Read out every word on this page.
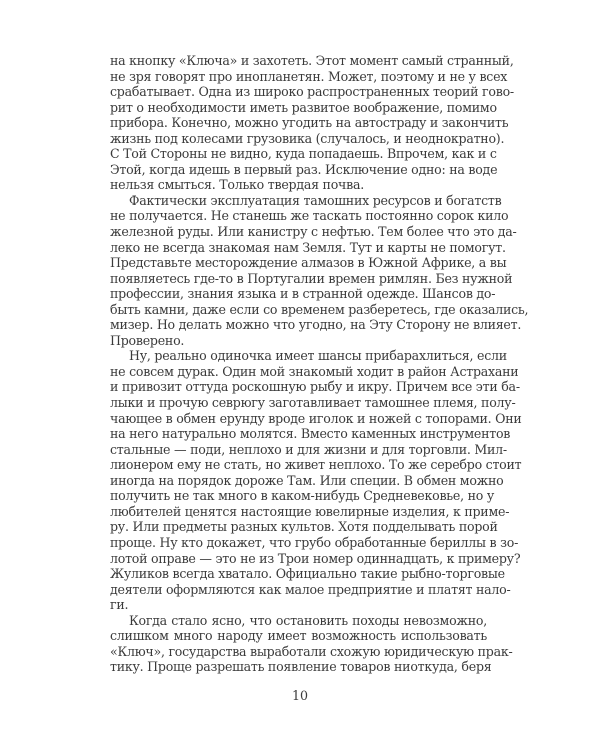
на кнопку «Ключа» и захотеть. Этот момент самый странный,
не зря говорят про инопланетян. Может, поэтому и не у всех
срабатывает. Одна из широко распространенных теорий гово-
рит о необходимости иметь развитое воображение, помимо
прибора. Конечно, можно угодить на автостраду и закончить
жизнь под колесами грузовика (случалось, и неоднократно).
С Той Стороны не видно, куда попадаешь. Впрочем, как и с
Этой, когда идешь в первый раз. Исключение одно: на воде
нельзя смыться. Только твердая почва.
Фактически эксплуатация тамошних ресурсов и богатств
не получается. Не станешь же таскать постоянно сорок кило
железной руды. Или канистру с нефтью. Тем более что это да-
леко не всегда знакомая нам Земля. Тут и карты не помогут.
Представьте месторождение алмазов в Южной Африке, а вы
появляетесь где-то в Португалии времен римлян. Без нужной
профессии, знания языка и в странной одежде. Шансов до-
быть камни, даже если со временем разберетесь, где оказались,
мизер. Но делать можно что угодно, на Эту Сторону не влияет.
Проверено.
Ну, реально одиночка имеет шансы прибарахлиться, если
не совсем дурак. Один мой знакомый ходит в район Астрахани
и привозит оттуда роскошную рыбу и икру. Причем все эти ба-
лыки и прочую севрюгу заготавливает тамошнее племя, полу-
чающее в обмен ерунду вроде иголок и ножей с топорами. Они
на него натурально молятся. Вместо каменных инструментов
стальные — поди, неплохо и для жизни и для торговли. Мил-
лионером ему не стать, но живет неплохо. То же серебро стоит
иногда на порядок дороже Там. Или специи. В обмен можно
получить не так много в каком-нибудь Средневековье, но у
любителей ценятся настоящие ювелирные изделия, к приме-
ру. Или предметы разных культов. Хотя подделывать порой
проще. Ну кто докажет, что грубо обработанные бериллы в зо-
лотой оправе — это не из Трои номер одиннадцать, к примеру?
Жуликов всегда хватало. Официально такие рыбно-торговые
деятели оформляются как малое предприятие и платят нало-
ги.
Когда стало ясно, что остановить походы невозможно,
слишком много народу имеет возможность использовать
«Ключ», государства выработали схожую юридическую прак-
тику. Проще разрешать появление товаров ниоткуда, беря
10
